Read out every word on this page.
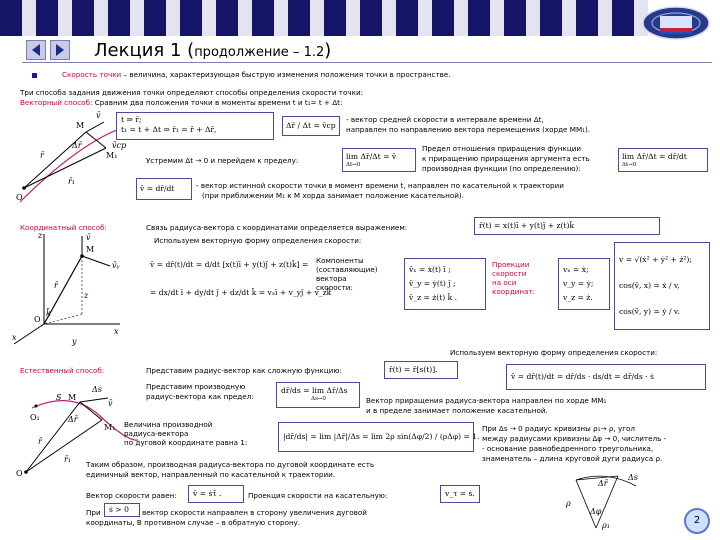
Лекция 1 (продолжение – 1.2)
Скорость точки – величина, характеризующая быструю изменения положения точки в пространстве.
Три способа задания движения точки определяют способы определения скорости точки:
Векторный способ: Сравним два положения точки в моменты времени t и t₁= t + Δt:
O
M
M₁
r̄
r̄₁
Δr̄
v̄
v̄ср
t ⇒ r̄;
t₁ = t + Δt ⇒ r̄₁ = r̄ + Δr̄,	Δr̄ / Δt = v̄ср
- вектор средней скорости в интервале времени Δt,
направлен по направлению вектора перемещения (хорде MM₁).
Устремим Δt → 0 и перейдем к пределу:	lim Δr̄/Δt = v̄
Δt→0
Предел отношения приращения функции
к приращению приращения аргумента есть
производная функции (по определению):
lim Δr̄/Δt = dr̄/dt
Δt→0
v̄ = dr̄/dt	- вектор истинной скорости точки в момент времени t, направлен по касательной к траектории
(при приближении M₁ к M хорда занимает положение касательной).
Координатный способ:	Связь радиуса-вектора с координатами определяется выражением:	r̄(t) = x(t)ī + y(t)j̄ + z(t)k̄
Используем векторную форму определения скорости:
z
x
x	y
O
M
r̄
v̄
v̄ᵧ
z
k̄
v̄ = dr̄(t)/dt = d/dt [x(t)ī + y(t)j̄ + z(t)k̄] =
= dx/dt ī + dy/dt j̄ + dz/dt k̄ = vₓī + v_yj̄ + v_zk̄
Компоненты
(составляющие)
вектора
скорости:
v̄ₓ = ẋ(t) ī ;
v̄_y = ẏ(t) j̄ ;
v̄_z = ż(t) k̄ .
Проекции
скорости
на оси
координат:
vₓ = ẋ;
v_y = ẏ;
v_z = ż.
v = √(ẋ² + ẏ² + ż²);
cos(v̄, x) = ẋ / v,
cos(v̄, y) = ẏ / v.
Естественный способ:	Представим радиус-вектор как сложную функцию:	r̄(t) = r̄[s(t)].
Используем векторную форму определения скорости:
v̄ = dr̄(t)/dt = dr̄/ds · ds/dt = dr̄/ds · ṡ
Представим производную
радиус-вектора как предел:
dr̄/ds = lim Δr̄/Δs
Δs→0	Вектор приращения радиуса-вектора направлен по хорде MM₁
и в пределе занимает положение касательной.
O
O₁
S M
M₁
r̄
r̄₁
Δr̄
Δs
v̄
Величина производной
радиуса-вектора
по дуговой координате равна 1:
|dr̄/ds| = lim |Δr̄|/Δs = lim 2ρ sin(Δφ/2) / (ρΔφ) = 1.
При Δs → 0 радиус кривизны ρ₁→ ρ, угол
между радиусами кривизны Δφ → 0, числитель -
- основание равнобедренного треугольника,
знаменатель – длина круговой дуги радиуса ρ.
Таким образом, производная радиуса-вектора по дуговой координате есть
единичный вектор, направленный по касательной к траектории.
Вектор скорости равен:	v̄ = ṡτ̄ .	Проекция скорости на касательную:	v_τ = ṡ.
При	ṡ > 0	вектор скорости направлен в сторону увеличения дуговой
координаты, В противном случае – в обратную сторону.
ρ
ρ₁
Δφ
Δr̄
Δs
2
